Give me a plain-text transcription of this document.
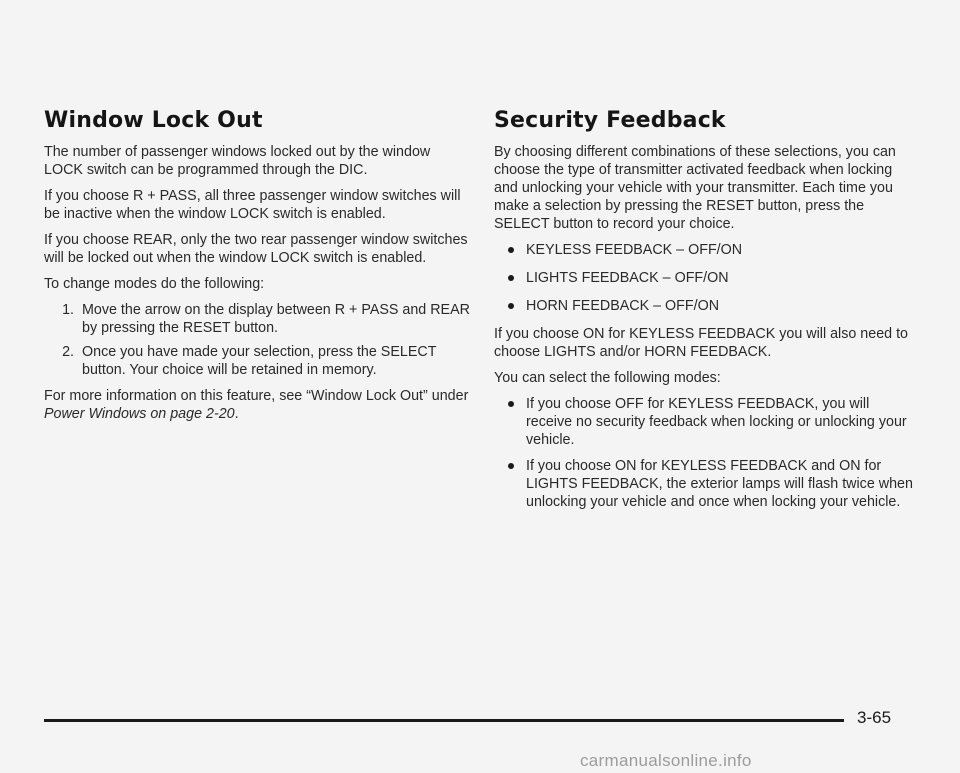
Window Lock Out

The number of passenger windows locked out by the window LOCK switch can be programmed through the DIC.

If you choose R + PASS, all three passenger window switches will be inactive when the window LOCK switch is enabled.

If you choose REAR, only the two rear passenger window switches will be locked out when the window LOCK switch is enabled.

To change modes do the following:

1. Move the arrow on the display between R + PASS and REAR by pressing the RESET button.
2. Once you have made your selection, press the SELECT button. Your choice will be retained in memory.

For more information on this feature, see “Window Lock Out” under Power Windows on page 2-20.

Security Feedback

By choosing different combinations of these selections, you can choose the type of transmitter activated feedback when locking and unlocking your vehicle with your transmitter. Each time you make a selection by pressing the RESET button, press the SELECT button to record your choice.

KEYLESS FEEDBACK – OFF/ON
LIGHTS FEEDBACK – OFF/ON
HORN FEEDBACK – OFF/ON

If you choose ON for KEYLESS FEEDBACK you will also need to choose LIGHTS and/or HORN FEEDBACK.

You can select the following modes:

If you choose OFF for KEYLESS FEEDBACK, you will receive no security feedback when locking or unlocking your vehicle.
If you choose ON for KEYLESS FEEDBACK and ON for LIGHTS FEEDBACK, the exterior lamps will flash twice when unlocking your vehicle and once when locking your vehicle.
3-65
carmanualsonline.info
